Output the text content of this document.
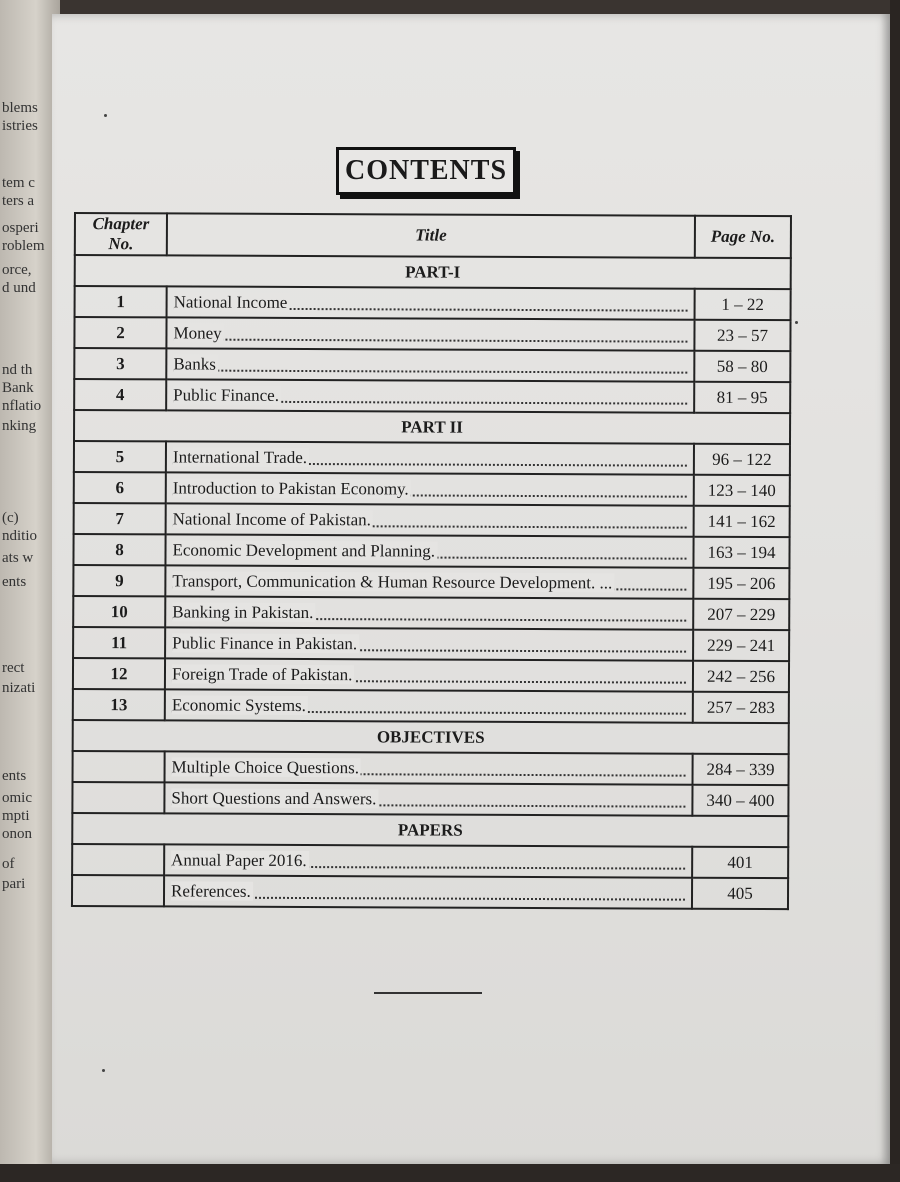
blems
istries
tem c
ters a
osperi
roblem
orce,
d und
nd th
Bank
nflatio
nking
(c)
nditio
ats w
ents
rect
nizati
ents
omic
mpti
onon
of
pari
CONTENTS
Chapter No.	Title	Page No.
PART-I		
1	National Income	1 – 22
2	Money	23 – 57
3	Banks	58 – 80
4	Public Finance.	81 – 95
PART II		
5	International Trade.	96 – 122
6	Introduction to Pakistan Economy.	123 – 140
7	National Income of Pakistan.	141 – 162
8	Economic Development and Planning.	163 – 194
9	Transport, Communication & Human Resource Development. ...	195 – 206
10	Banking in Pakistan.	207 – 229
11	Public Finance in Pakistan.	229 – 241
12	Foreign Trade of Pakistan.	242 – 256
13	Economic Systems.	257 – 283
OBJECTIVES		

Multiple Choice Questions.	284 – 339

Short Questions and Answers.	340 – 400
PAPERS		

Annual Paper 2016.	401

References.	405
